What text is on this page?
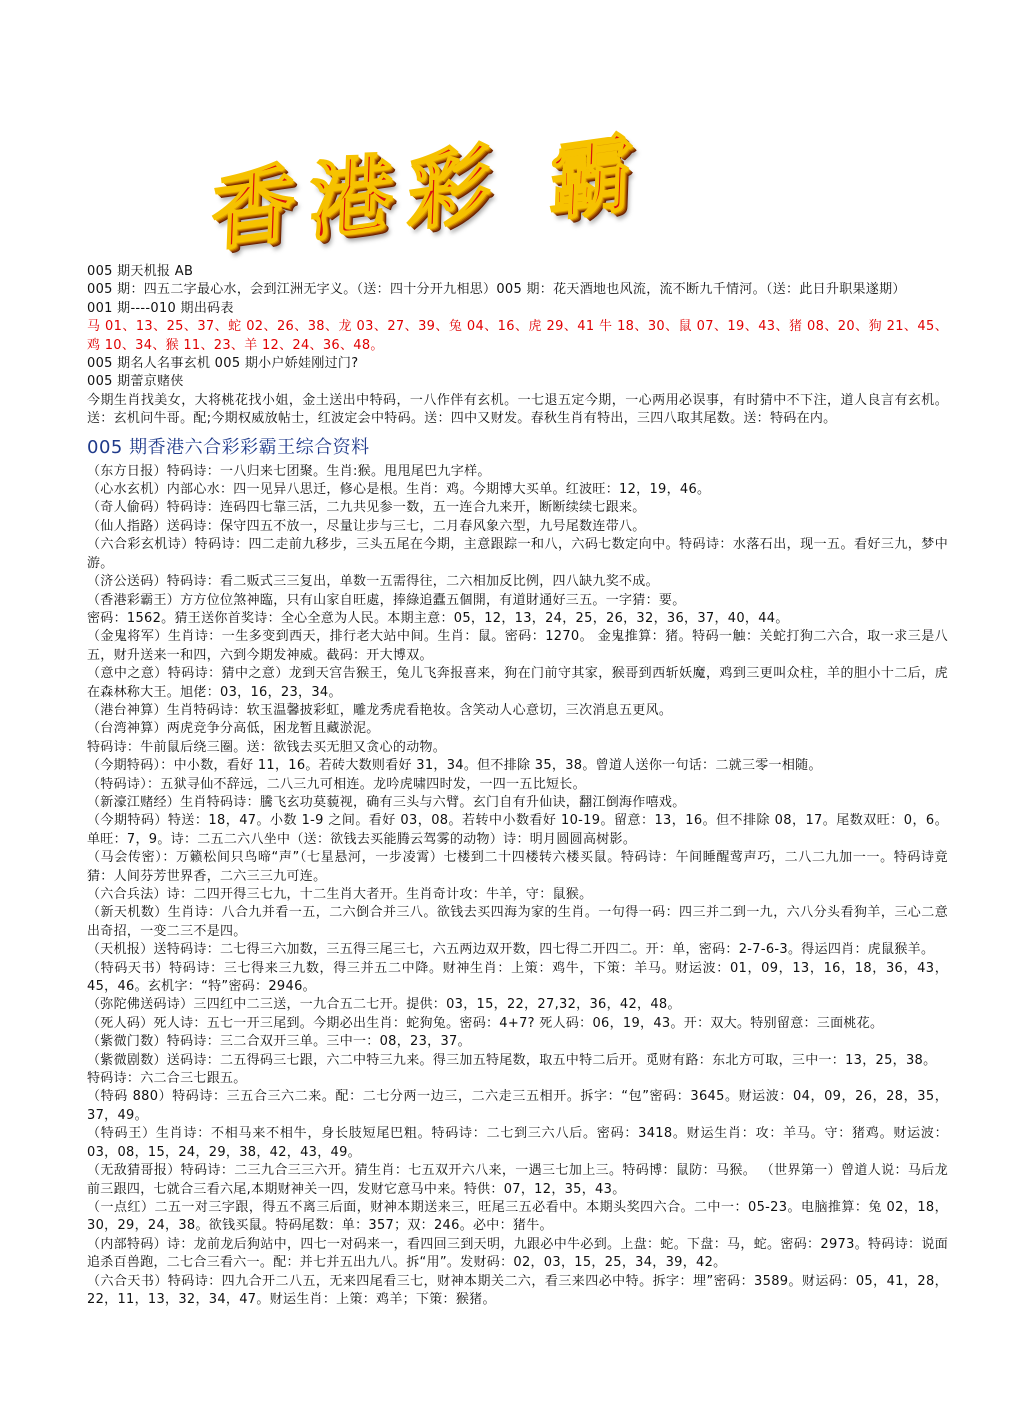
香 港 彩 霸
005 期天机报 AB
005 期：四五二字最心水，会到江洲无字义。（送：四十分开九相思）005 期：花天酒地也风流，流不断九千情河。（送：此日升职果遂期）
001 期----010 期出码表
马 01、13、25、37、蛇 02、26、38、龙 03、27、39、兔 04、16、虎 29、41 牛 18、30、鼠 07、19、43、猪 08、20、狗 21、45、鸡 10、34、猴 11、23、羊 12、24、36、48。
005 期名人名事玄机 005 期小户娇娃刚过门?
005 期蕾京赌侠
今期生肖找美女，大将桃花找小姐，金土送出中特码，一八作伴有玄机。一七退五定今期，一心两用必误事，有时猜中不下注，道人良言有玄机。送：玄机问牛哥。配;今期权威放帖士，红波定会中特码。送：四中又财发。春秋生肖有特出，三四八取其尾数。送：特码在内。
005 期香港六合彩彩霸王综合资料
（东方日报）特码诗：一八归来七团聚。生肖:猴。甩甩尾巴九字样。
（心水玄机）内部心水：四一见异八思迁，修心是根。生肖：鸡。今期博大买单。红波旺：12，19，46。
（奇人偷码）特码诗：连码四七靠三活，二九共见参一数，五一连合九来开，断断续续七跟来。
（仙人指路）送码诗：保守四五不放一，尽量让步与三七，二月春风象六型，九号尾数连带八。
（六合彩玄机诗）特码诗：四二走前九移步，三头五尾在今期，主意跟踪一和八，六码七数定向中。特码诗：水落石出，现一五。看好三九，梦中游。
（济公送码）特码诗：看二贩式三三复出，单数一五需得往，二六相加反比例，四八缺九奖不成。
（香港彩霸王）方方位位煞神臨，只有山家自旺處，捧綠追蠹五個開，有道財通好三五。一字猜：要。
密码：1562。猜王送你首奖诗：全心全意为人民。本期主意：05，12，13，24，25，26，32，36，37，40，44。
（金鬼将军）生肖诗：一生多变到西天，排行老大站中间。生肖：鼠。密码：1270。 金鬼推算：猪。特码一触：关蛇打狗二六合，取一求三是八五，财升送来一和四，六到今期发神威。截码：开大博双。
（意中之意）特码诗：猜中之意）龙到天宫告猴王，兔儿飞奔报喜来，狗在门前守其家，猴哥到西斩妖魔，鸡到三更叫众柱，羊的胆小十二后，虎在森林称大王。旭佬：03，16，23，34。
（港台神算）生肖特码诗：软玉温馨披彩虹，雕龙秀虎看艳妆。含笑动人心意切，三次消息五更风。
（台湾神算）两虎竞争分高低，困龙暂且藏淤泥。
特码诗：牛前鼠后绕三圈。送：欲钱去买无胆又贪心的动物。
（今期特码）：中小数，看好 11，16。若砖大数则看好 31，34。但不排除 35，38。曾道人送你一句话：二就三零一相随。
（特码诗）：五狱寻仙不辞远，二八三九可相连。龙吟虎啸四时发，一四一五比短长。
（新濠江赌经）生肖特码诗：騰飞玄功莫藐视，确有三头与六臂。玄门自有升仙诀，翻江倒海作嘻戏。
（今期特码）特送：18，47。小数 1-9 之间。看好 03，08。若转中小数看好 10-19。留意：13，16。但不排除 08，17。尾数双旺：0，6。单旺：7，9。诗：二五二六八坐中（送：欲钱去买能腾云驾雾的动物）诗：明月圆圆高树影。
（马会传密）：万籁松间只鸟啼“声”（七星悬河，一步凌霄）七楼到二十四楼转六楼买鼠。特码诗：午间睡醒莺声巧，二八二九加一一。特码诗竟猜：人间芬芳世界香，二六三三九可连。
（六合兵法）诗：二四开得三七九，十二生肖大者开。生肖奇计攻：牛羊，守：鼠猴。
（新天机数）生肖诗：八合九并看一五，二六倒合并三八。欲钱去买四海为家的生肖。一句得一码：四三并二到一九，六八分头看狗羊，三心二意出奇招，一变二三不是四。
（天机报）送特码诗：二七得三六加数，三五得三尾三七，六五两边双开数，四七得二开四二。开：单，密码：2-7-6-3。得运四肖：虎鼠猴羊。
（特码天书）特码诗：三七得来三九数，得三并五二中降。财神生肖：上策：鸡牛，下策：羊马。财运波：01，09，13，16，18，36，43，45，46。玄机字：“特”密码：2946。
（弥陀佛送码诗）三四红中二三送，一九合五二七开。提供：03，15，22，27,32，36，42，48。
（死人码）死人诗：五七一开三尾到。今期必出生肖：蛇狗兔。密码：4+7? 死人码：06，19，43。开：双大。特别留意：三面桃花。
（紫微门数）特码诗：三二合双开三单。三中一：08，23，37。
（紫微剧数）送码诗：二五得码三七跟，六二中特三九来。得三加五特尾数，取五中特二后开。觅财有路：东北方可取，三中一：13，25，38。
特码诗：六二合三七跟五。
（特码 880）特码诗：三五合三六二来。配：二七分两一边三，二六走三五相开。拆字：“包”密码：3645。财运波：04，09，26，28，35，37，49。
（特码王）生肖诗：不相马来不相牛，身长肢短尾巴粗。特码诗：二七到三六八后。密码：3418。财运生肖：攻：羊马。守：猪鸡。财运波：03，08，15，24，29，38，42，43，49。
（无敌猜哥报）特码诗：二三九合三三六开。猜生肖：七五双开六八来，一遇三七加上三。特码博：鼠防：马猴。 （世界第一）曾道人说：马后龙前三跟四，七就合三看六尾,本期财神关一四，发财它意马中来。特供：07，12，35，43。
（一点红）二五一对三字跟，得五不离三后面，财神本期送来三，旺尾三五必看中。本期头奖四六合。二中一：05-23。电脑推算：兔 02，18，30，29，24，38。欲钱买鼠。特码尾数：单：357；双：246。必中：猪牛。
（内部特码）诗：龙前龙后狗站中，四七一对码来一，看四回三到天明，九跟必中牛必到。上盘：蛇。下盘：马，蛇。密码：2973。特码诗：说面追杀百兽跑，二七合三看六一。配：并七并五出九八。拆“用”。发财码：02，03，15，25，34，39，42。
（六合天书）特码诗：四九合开二八五，无来四尾看三七，财神本期关二六，看三来四必中特。拆字：埋”密码：3589。财运码：05，41，28，22，11，13，32，34，47。财运生肖：上策：鸡羊；下策：猴猪。
